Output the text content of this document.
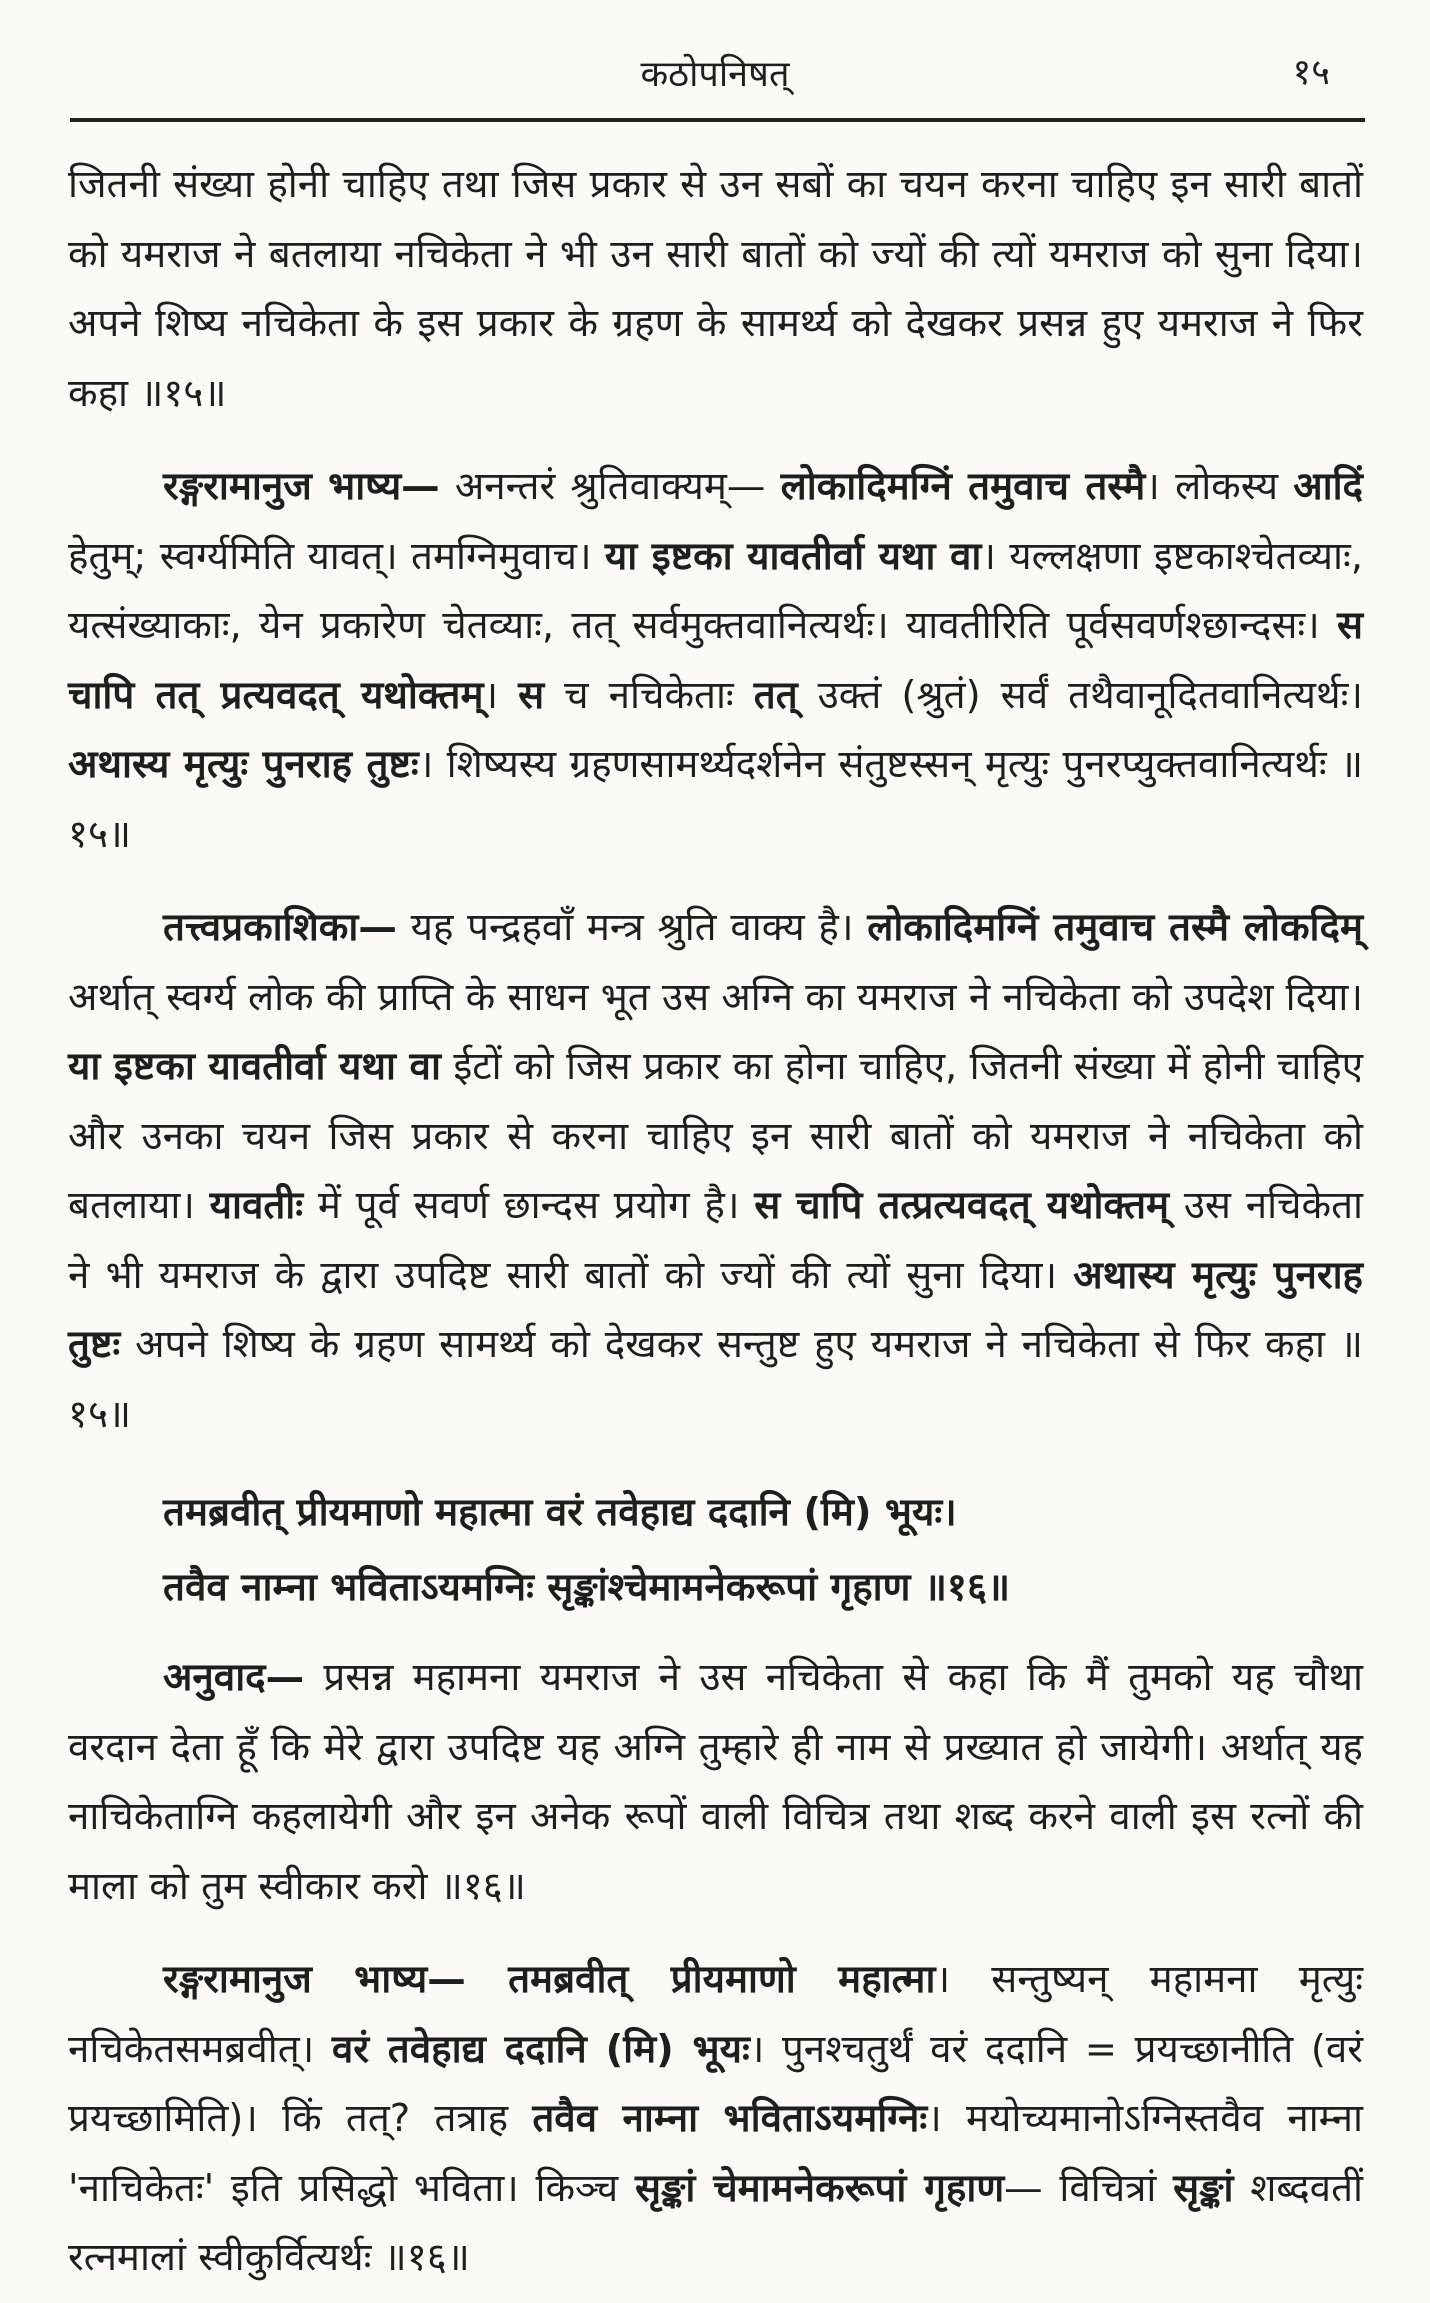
कठोपनिषत्	१५

जितनी संख्या होनी चाहिए तथा जिस प्रकार से उन सबों का चयन करना चाहिए इन सारी बातों को यमराज ने बतलाया नचिकेता ने भी उन सारी बातों को ज्यों की त्यों यमराज को सुना दिया। अपने शिष्य नचिकेता के इस प्रकार के ग्रहण के सामर्थ्य को देखकर प्रसन्न हुए यमराज ने फिर कहा ॥१५॥

रङ्गरामानुज भाष्य— अनन्तरं श्रुतिवाक्यम्— लोकादिमग्निं तमुवाच तस्मै। लोकस्य आदिं हेतुम्; स्वर्ग्यमिति यावत्। तमग्निमुवाच। या इष्टका यावतीर्वा यथा वा। यल्लक्षणा इष्टकाश्चेतव्याः, यत्संख्याकाः, येन प्रकारेण चेतव्याः, तत् सर्वमुक्तवानित्यर्थः। यावतीरिति पूर्वसवर्णश्छान्दसः। स चापि तत् प्रत्यवदत् यथोक्तम्। स च नचिकेताः तत् उक्तं (श्रुतं) सर्वं तथैवानूदितवानित्यर्थः। अथास्य मृत्युः पुनराह तुष्टः। शिष्यस्य ग्रहणसामर्थ्यदर्शनेन संतुष्टस्सन् मृत्युः पुनरप्युक्तवानित्यर्थः ॥१५॥

तत्त्वप्रकाशिका— यह पन्द्रहवाँ मन्त्र श्रुति वाक्य है। लोकादिमग्निं तमुवाच तस्मै लोकदिम् अर्थात् स्वर्ग्य लोक की प्राप्ति के साधन भूत उस अग्नि का यमराज ने नचिकेता को उपदेश दिया। या इष्टका यावतीर्वा यथा वा ईटों को जिस प्रकार का होना चाहिए, जितनी संख्या में होनी चाहिए और उनका चयन जिस प्रकार से करना चाहिए इन सारी बातों को यमराज ने नचिकेता को बतलाया। यावतीः में पूर्व सवर्ण छान्दस प्रयोग है। स चापि तत्प्रत्यवदत् यथोक्तम् उस नचिकेता ने भी यमराज के द्वारा उपदिष्ट सारी बातों को ज्यों की त्यों सुना दिया। अथास्य मृत्युः पुनराह तुष्टः अपने शिष्य के ग्रहण सामर्थ्य को देखकर सन्तुष्ट हुए यमराज ने नचिकेता से फिर कहा ॥१५॥

तमब्रवीत् प्रीयमाणो महात्मा वरं तवेहाद्य ददानि (मि) भूयः।
तवैव नाम्ना भविताऽयमग्निः सृङ्कांश्चेमामनेकरूपां गृहाण ॥१६॥

अनुवाद— प्रसन्न महामना यमराज ने उस नचिकेता से कहा कि मैं तुमको यह चौथा वरदान देता हूँ कि मेरे द्वारा उपदिष्ट यह अग्नि तुम्हारे ही नाम से प्रख्यात हो जायेगी। अर्थात् यह नाचिकेताग्नि कहलायेगी और इन अनेक रूपों वाली विचित्र तथा शब्द करने वाली इस रत्नों की माला को तुम स्वीकार करो ॥१६॥

रङ्गरामानुज भाष्य— तमब्रवीत् प्रीयमाणो महात्मा। सन्तुष्यन् महामना मृत्युः नचिकेतसमब्रवीत्। वरं तवेहाद्य ददानि (मि) भूयः। पुनश्चतुर्थं वरं ददानि = प्रयच्छानीति (वरं प्रयच्छामिति)। किं तत्? तत्राह तवैव नाम्ना भविताऽयमग्निः। मयोच्यमानोऽग्निस्तवैव नाम्ना 'नाचिकेतः' इति प्रसिद्धो भविता। किञ्च सृङ्कां चेमामनेकरूपां गृहाण— विचित्रां सृङ्कां शब्दवतीं रत्नमालां स्वीकुर्वित्यर्थः ॥१६॥
